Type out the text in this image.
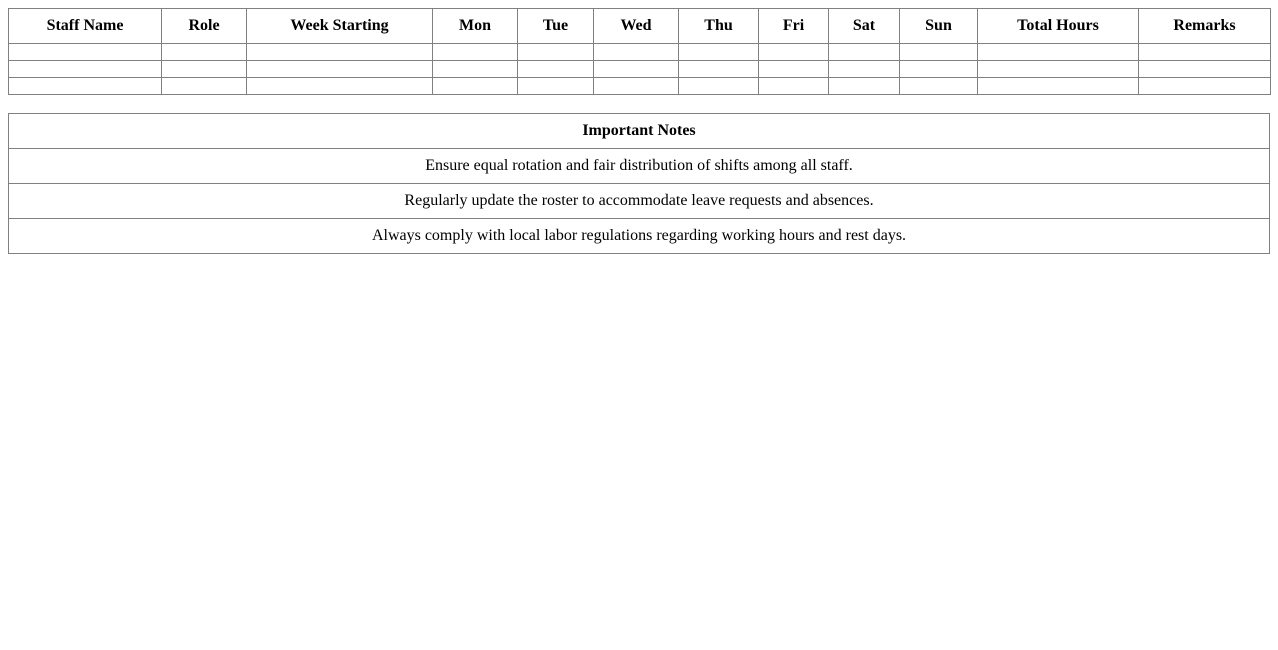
Staff Name	Role	Week Starting	Mon	Tue	Wed	Thu	Fri	Sat	Sun	Total Hours	Remarks

Important Notes
Ensure equal rotation and fair distribution of shifts among all staff.
Regularly update the roster to accommodate leave requests and absences.
Always comply with local labor regulations regarding working hours and rest days.
